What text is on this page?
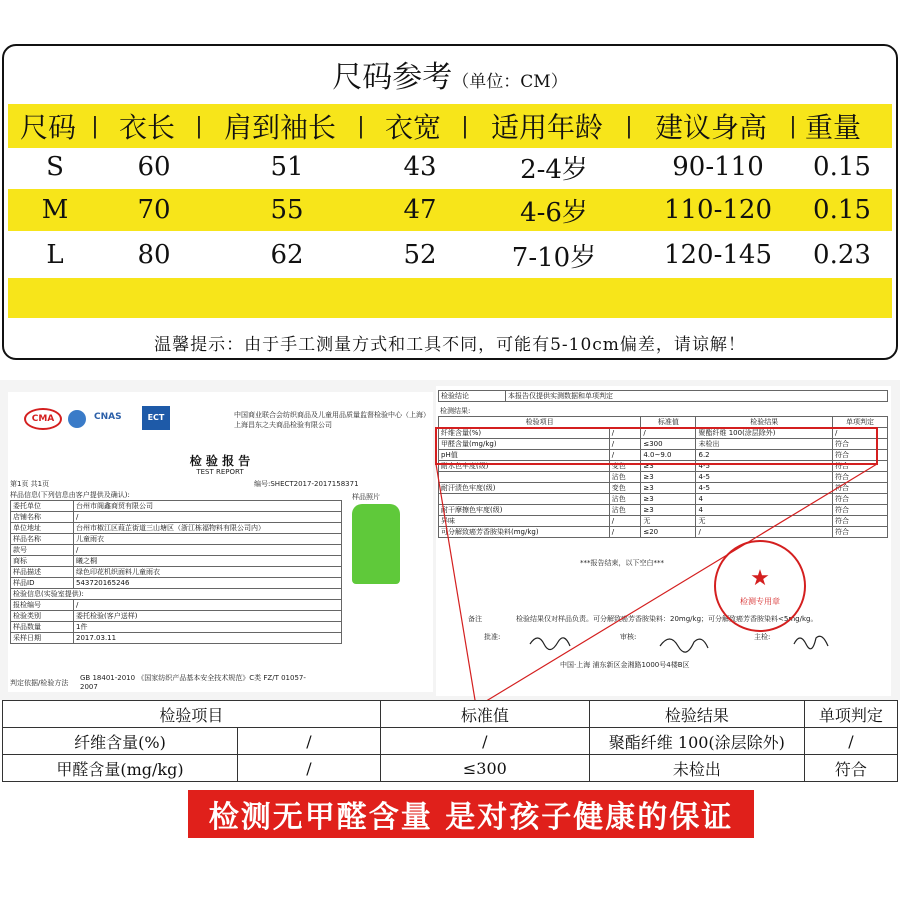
尺码参考（单位：CM）
尺码 | 衣长 | 肩到袖长 | 衣宽 | 适用年龄	| 建议身高	| 重量
S	60	51	43	2-4岁	90-110	0.15
M	70	55	47	4-6岁	110-120	0.15
L	80	62	52	7-10岁	120-145	0.23
温馨提示：由于手工测量方式和工具不同，可能有5-10cm偏差，请谅解！
CMA	CNAS	ECT	中国商业联合会纺织商品及儿童用品质量监督检验中心（上海）
上海昌东之夫商品检验有限公司
检 验 报 告
TEST REPORT
第1页 共1页	编号:SHECT2017-2017158371
样品信息(下列信息由客户提供及确认):	样品照片
委托单位	台州市阁鑫商贸有限公司
店铺名称	/
单位地址	台州市椒江区葭芷街道三山塘区（浙江栋福物料有限公司内）
样品名称	儿童雨衣
款号	/
商标	曦之桐
样品描述	绿色印花机织面料儿童雨衣
样品ID	5437201​65246
检验信息(实验室提供):	
报检编号	/
检验类别	委托检验(客户送样)
样品数量	1件
采样日期	2017.03.11
判定依据/检验方法
GB 18401-2010 《国家纺织产品基本安全技术规范》C类 FZ/T 01057-2007
检验结论	本报告仅提供实测数据和单项判定
检测结果:
检验项目		标准值	检验结果	单项判定
纤维含量(%)	/	/	聚酯纤维 100(涂层除外)	/
甲醛含量(mg/kg)	/	≤300	未检出	符合
pH值	/	4.0~9.0	6.2	符合
耐水色牢度(级)	变色	≥3	4-5	符合
	沾色	≥3	4-5	符合
耐汗渍色牢度(级)	变色	≥3	4-5	符合
	沾色	≥3	4	符合
耐干摩擦色牢度(级)	沾色	≥3	4	符合
异味	/	无	无	符合
可分解致癌芳香胺染料(mg/kg)	/	≤20	/	符合
***报告结束，以下空白***
备注	检验结果仅对样品负责。可分解致癌芳香胺染料：20mg/kg；可分解致癌芳香胺染料<5mg/kg。
批准:	审核:	主检:
中国·上海 浦东新区金湘路1000号4楼B区
★
检测专用章
检验项目		标准值	检验结果	单项判定
纤维含量(%)	/	/	聚酯纤维 100(涂层除外)	/
甲醛含量(mg/kg)	/	≤300	未检出	符合
检测无甲醛含量 是对孩子健康的保证
